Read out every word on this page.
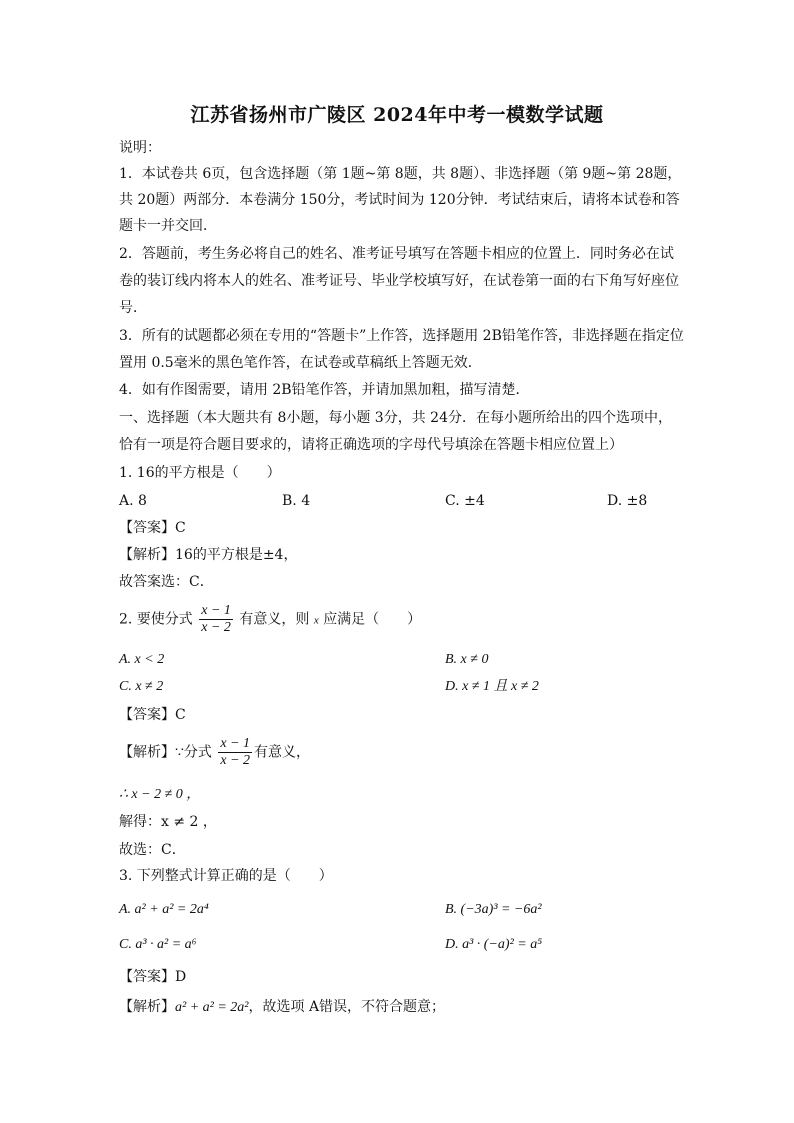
江苏省扬州市广陵区 2024年中考一模数学试题
说明：
1．本试卷共 6页，包含选择题（第 1题~第 8题，共 8题）、非选择题（第 9题~第 28题，
共 20题）两部分．本卷满分 150分，考试时间为 120分钟．考试结束后，请将本试卷和答
题卡一并交回．
2．答题前，考生务必将自己的姓名、准考证号填写在答题卡相应的位置上．同时务必在试
卷的装订线内将本人的姓名、准考证号、毕业学校填写好，在试卷第一面的右下角写好座位
号．
3．所有的试题都必须在专用的“答题卡”上作答，选择题用 2B铅笔作答，非选择题在指定位
置用 0.5毫米的黑色笔作答，在试卷或草稿纸上答题无效．
4．如有作图需要，请用 2B铅笔作答，并请加黑加粗，描写清楚．
一、选择题（本大题共有 8小题，每小题 3分，共 24分．在每小题所给出的四个选项中，
恰有一项是符合题目要求的，请将正确选项的字母代号填涂在答题卡相应位置上）
1. 16的平方根是（　　）
A. 8	B. 4	C. ±4	D. ±8
【答案】C
【解析】16的平方根是±4，
故答案选：C．
2. 要使分式 $\frac{x - 1}{x - 2}$ 有意义，则 x 应满足（　　）
A. x < 2	B. x ≠ 0
C. x ≠ 2	D. x ≠ 1 且 x ≠ 2
【答案】C
【解析】∵分式 $\frac{x - 1}{x - 2}$ 有意义，
∴ x − 2 ≠ 0 ，
解得：x ≠ 2 ，
故选：C．
3. 下列整式计算正确的是（　　）
A. a² + a² = 2a⁴	B. (−3a)³ = −6a²
C. a³ · a² = a⁶	D. a³ · (−a)² = a⁵
【答案】D
【解析】a² + a² = 2a²，故选项 A错误，不符合题意；
